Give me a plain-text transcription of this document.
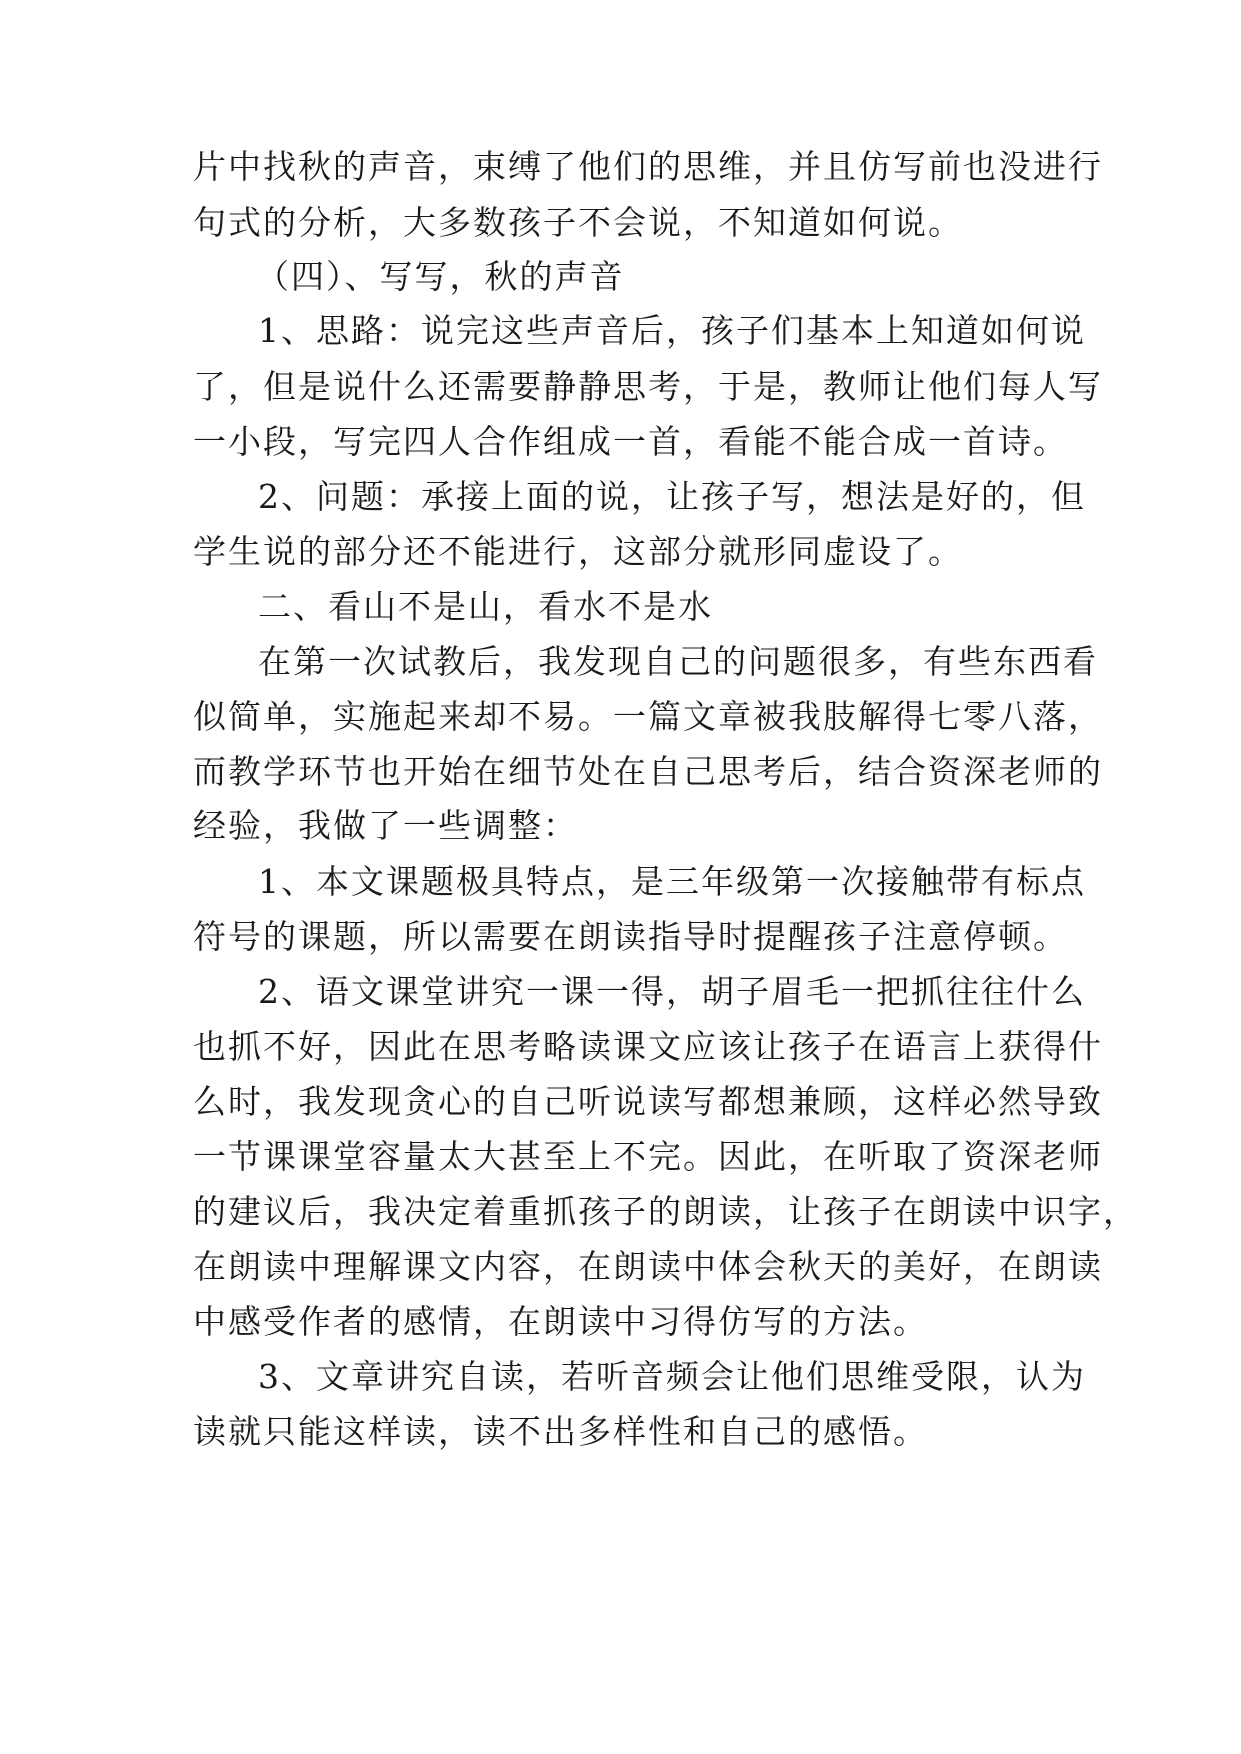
片中找秋的声音，束缚了他们的思维，并且仿写前也没进行
句式的分析，大多数孩子不会说，不知道如何说。
（四）、写写，秋的声音
1、思路：说完这些声音后，孩子们基本上知道如何说
了，但是说什么还需要静静思考，于是，教师让他们每人写
一小段，写完四人合作组成一首，看能不能合成一首诗。
2、问题：承接上面的说，让孩子写，想法是好的，但
学生说的部分还不能进行，这部分就形同虚设了。
二、看山不是山，看水不是水
在第一次试教后，我发现自己的问题很多，有些东西看
似简单，实施起来却不易。一篇文章被我肢解得七零八落，
而教学环节也开始在细节处在自己思考后，结合资深老师的
经验，我做了一些调整：
1、本文课题极具特点，是三年级第一次接触带有标点
符号的课题，所以需要在朗读指导时提醒孩子注意停顿。
2、语文课堂讲究一课一得，胡子眉毛一把抓往往什么
也抓不好，因此在思考略读课文应该让孩子在语言上获得什
么时，我发现贪心的自己听说读写都想兼顾，这样必然导致
一节课课堂容量太大甚至上不完。因此，在听取了资深老师
的建议后，我决定着重抓孩子的朗读，让孩子在朗读中识字，
在朗读中理解课文内容，在朗读中体会秋天的美好，在朗读
中感受作者的感情，在朗读中习得仿写的方法。
3、文章讲究自读，若听音频会让他们思维受限，认为
读就只能这样读，读不出多样性和自己的感悟。
